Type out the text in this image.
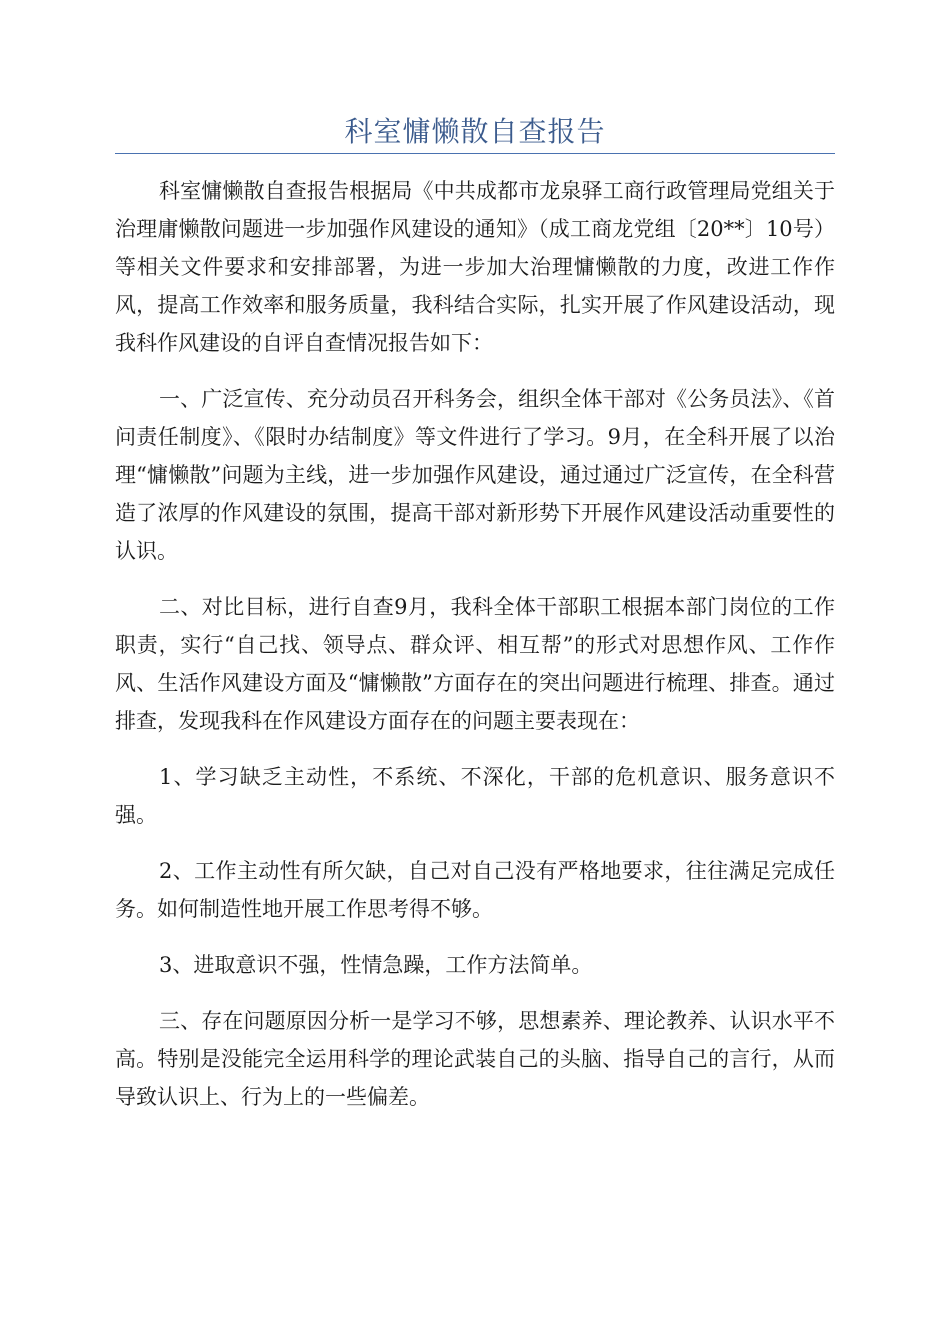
科室慵懒散自查报告

科室慵懒散自查报告根据局《中共成都市龙泉驿工商行政管理局党组关于治理庸懒散问题进一步加强作风建设的通知》（成工商龙党组〔20**〕10号）等相关文件要求和安排部署，为进一步加大治理慵懒散的力度，改进工作作风，提高工作效率和服务质量，我科结合实际，扎实开展了作风建设活动，现我科作风建设的自评自查情况报告如下：

一、广泛宣传、充分动员召开科务会，组织全体干部对《公务员法》、《首问责任制度》、《限时办结制度》等文件进行了学习。9月，在全科开展了以治理“慵懒散”问题为主线，进一步加强作风建设，通过通过广泛宣传，在全科营造了浓厚的作风建设的氛围，提高干部对新形势下开展作风建设活动重要性的认识。

二、对比目标，进行自查9月，我科全体干部职工根据本部门岗位的工作职责，实行“自己找、领导点、群众评、相互帮”的形式对思想作风、工作作风、生活作风建设方面及“慵懒散”方面存在的突出问题进行梳理、排查。通过排查，发现我科在作风建设方面存在的问题主要表现在：

1、学习缺乏主动性，不系统、不深化，干部的危机意识、服务意识不强。

2、工作主动性有所欠缺，自己对自己没有严格地要求，往往满足完成任务。如何制造性地开展工作思考得不够。

3、进取意识不强，性情急躁，工作方法简单。

三、存在问题原因分析一是学习不够，思想素养、理论教养、认识水平不高。特别是没能完全运用科学的理论武装自己的头脑、指导自己的言行，从而导致认识上、行为上的一些偏差。
